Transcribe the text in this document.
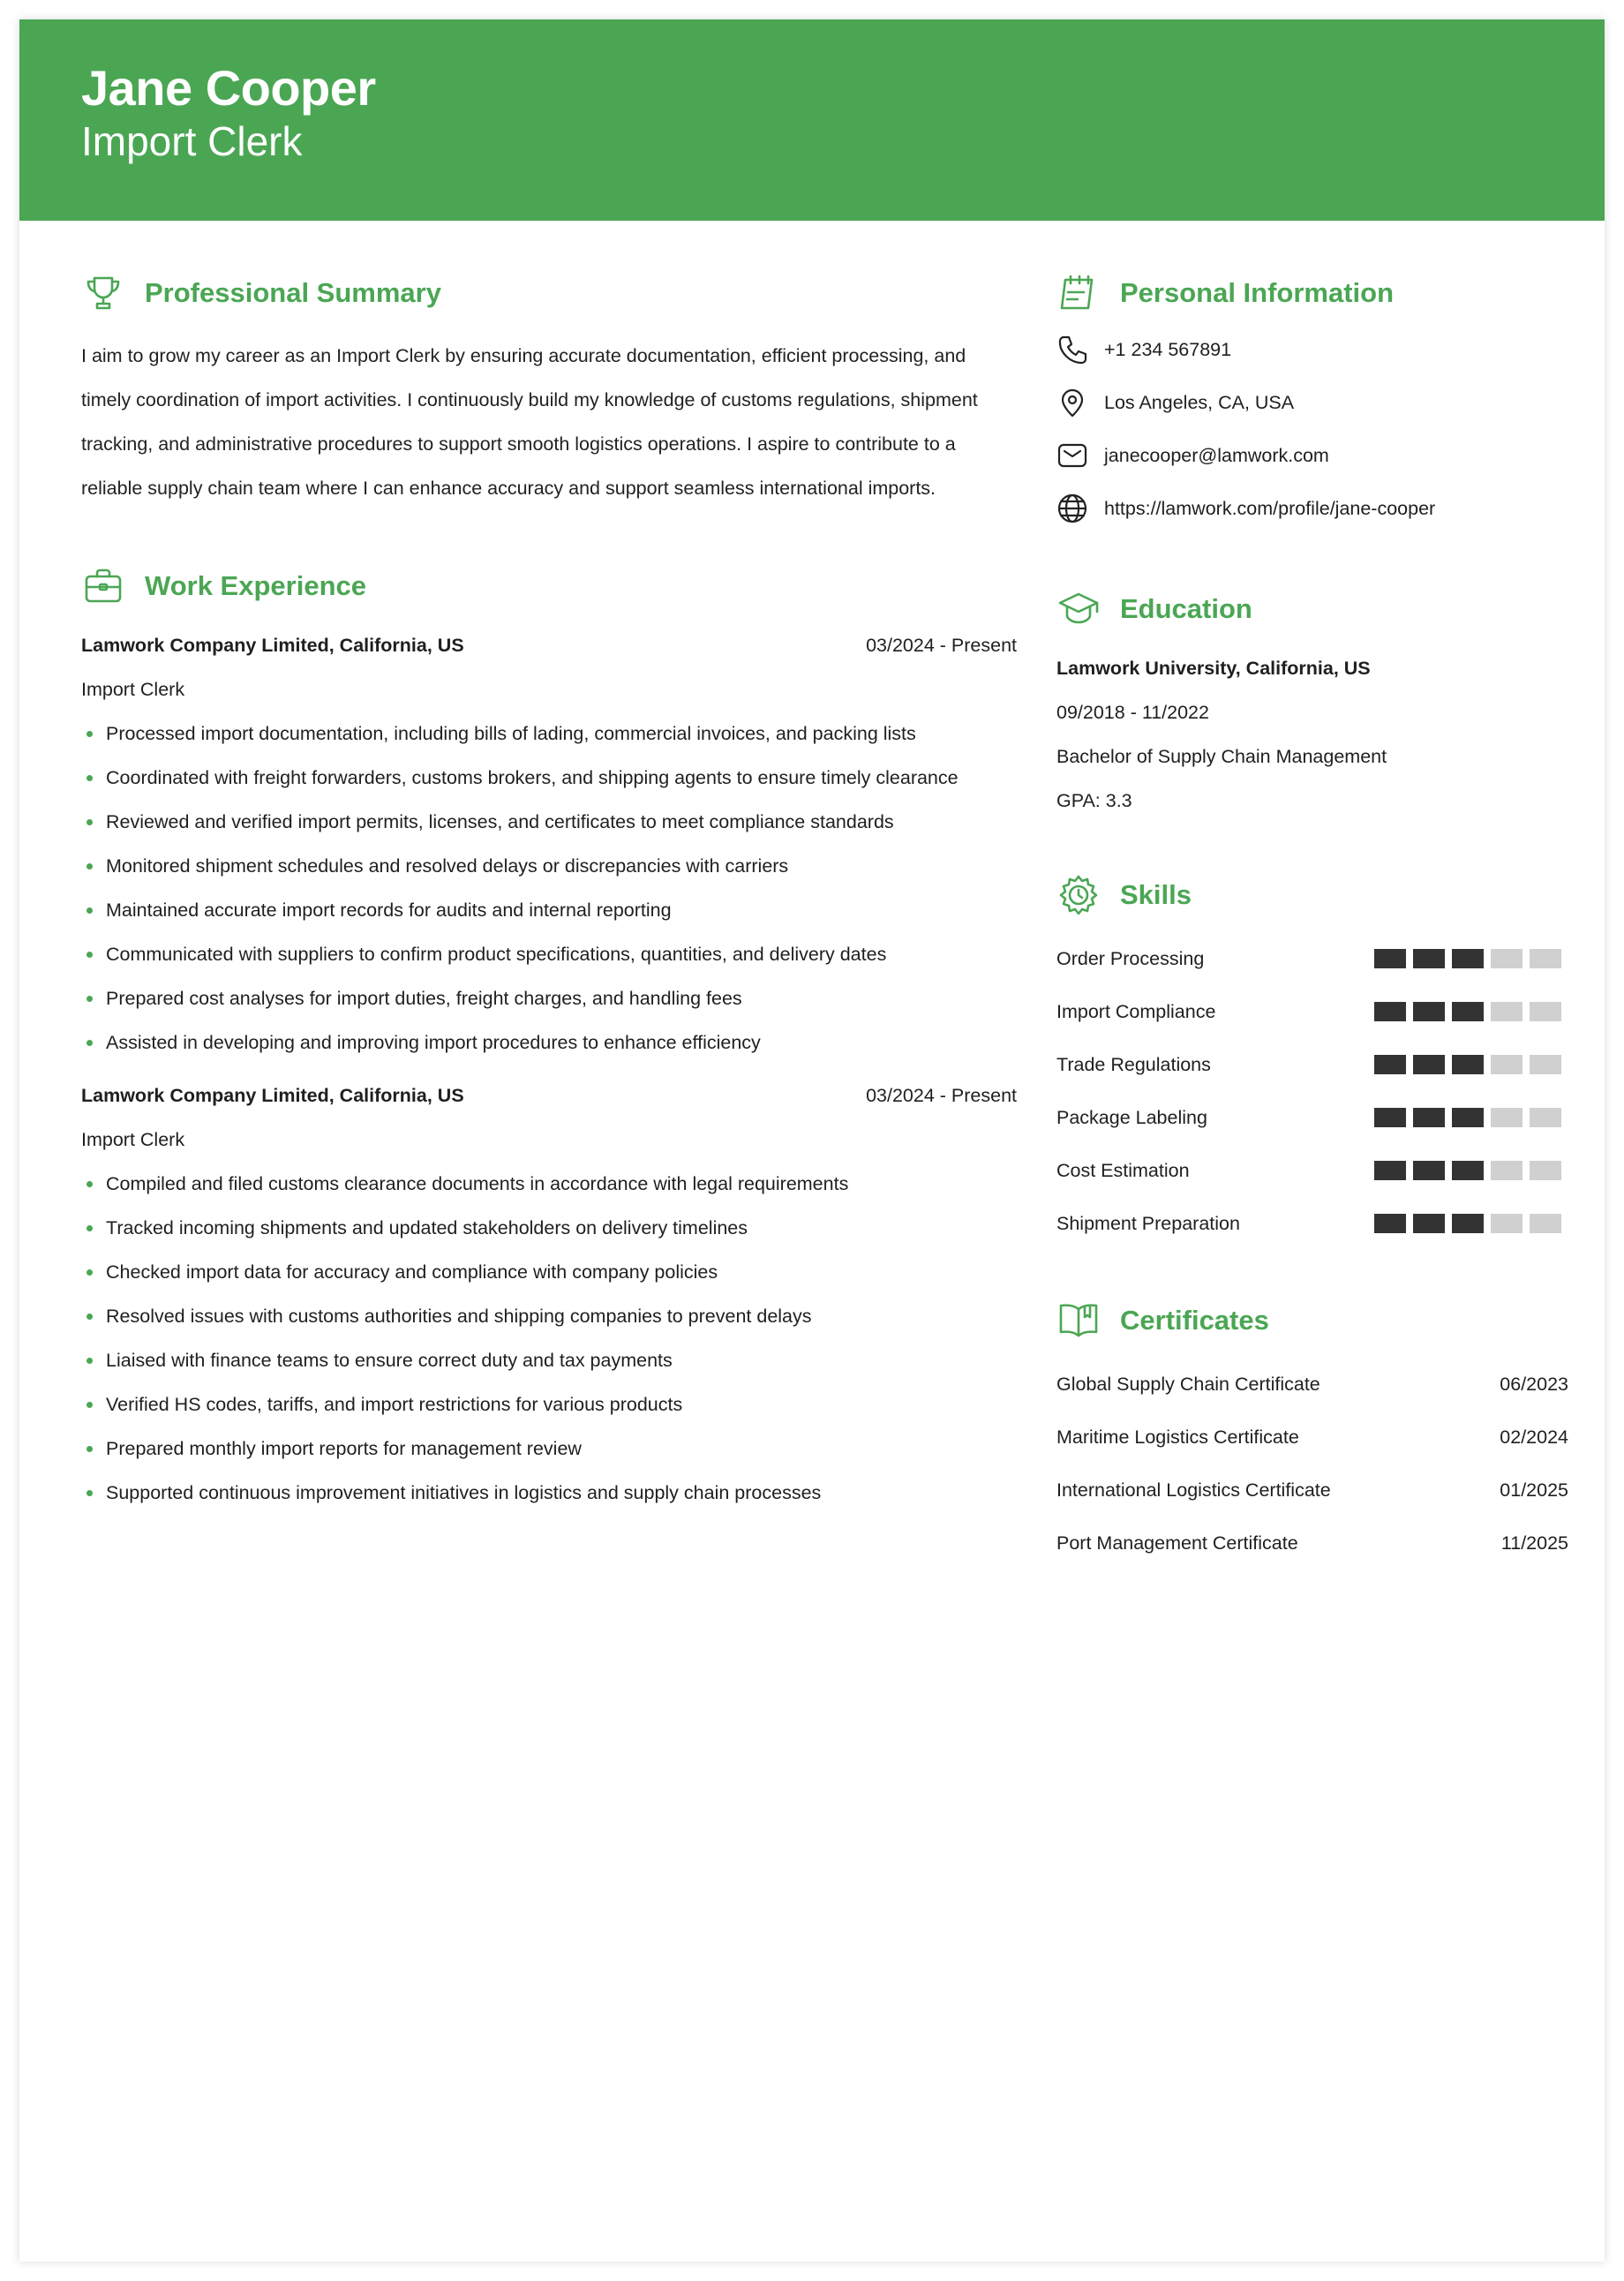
Jane Cooper
Import Clerk
Professional Summary

I aim to grow my career as an Import Clerk by ensuring accurate documentation, efficient processing, and timely coordination of import activities. I continuously build my knowledge of customs regulations, shipment tracking, and administrative procedures to support smooth logistics operations. I aspire to contribute to a reliable supply chain team where I can enhance accuracy and support seamless international imports.

Work Experience
Lamwork Company Limited, California, US	03/2024 - Present
Import Clerk
Processed import documentation, including bills of lading, commercial invoices, and packing lists
Coordinated with freight forwarders, customs brokers, and shipping agents to ensure timely clearance
Reviewed and verified import permits, licenses, and certificates to meet compliance standards
Monitored shipment schedules and resolved delays or discrepancies with carriers
Maintained accurate import records for audits and internal reporting
Communicated with suppliers to confirm product specifications, quantities, and delivery dates
Prepared cost analyses for import duties, freight charges, and handling fees
Assisted in developing and improving import procedures to enhance efficiency
Lamwork Company Limited, California, US	03/2024 - Present
Import Clerk
Compiled and filed customs clearance documents in accordance with legal requirements
Tracked incoming shipments and updated stakeholders on delivery timelines
Checked import data for accuracy and compliance with company policies
Resolved issues with customs authorities and shipping companies to prevent delays
Liaised with finance teams to ensure correct duty and tax payments
Verified HS codes, tariffs, and import restrictions for various products
Prepared monthly import reports for management review
Supported continuous improvement initiatives in logistics and supply chain processes
Personal Information
+1 234 567891
Los Angeles, CA, USA
janecooper@lamwork.com
https://lamwork.com/profile/jane-cooper
Education
Lamwork University, California, US
09/2018 - 11/2022
Bachelor of Supply Chain Management
GPA: 3.3
Skills
Order Processing
Import Compliance
Trade Regulations
Package Labeling
Cost Estimation
Shipment Preparation
Certificates
Global Supply Chain Certificate	06/2023
Maritime Logistics Certificate	02/2024
International Logistics Certificate	01/2025
Port Management Certificate	11/2025
